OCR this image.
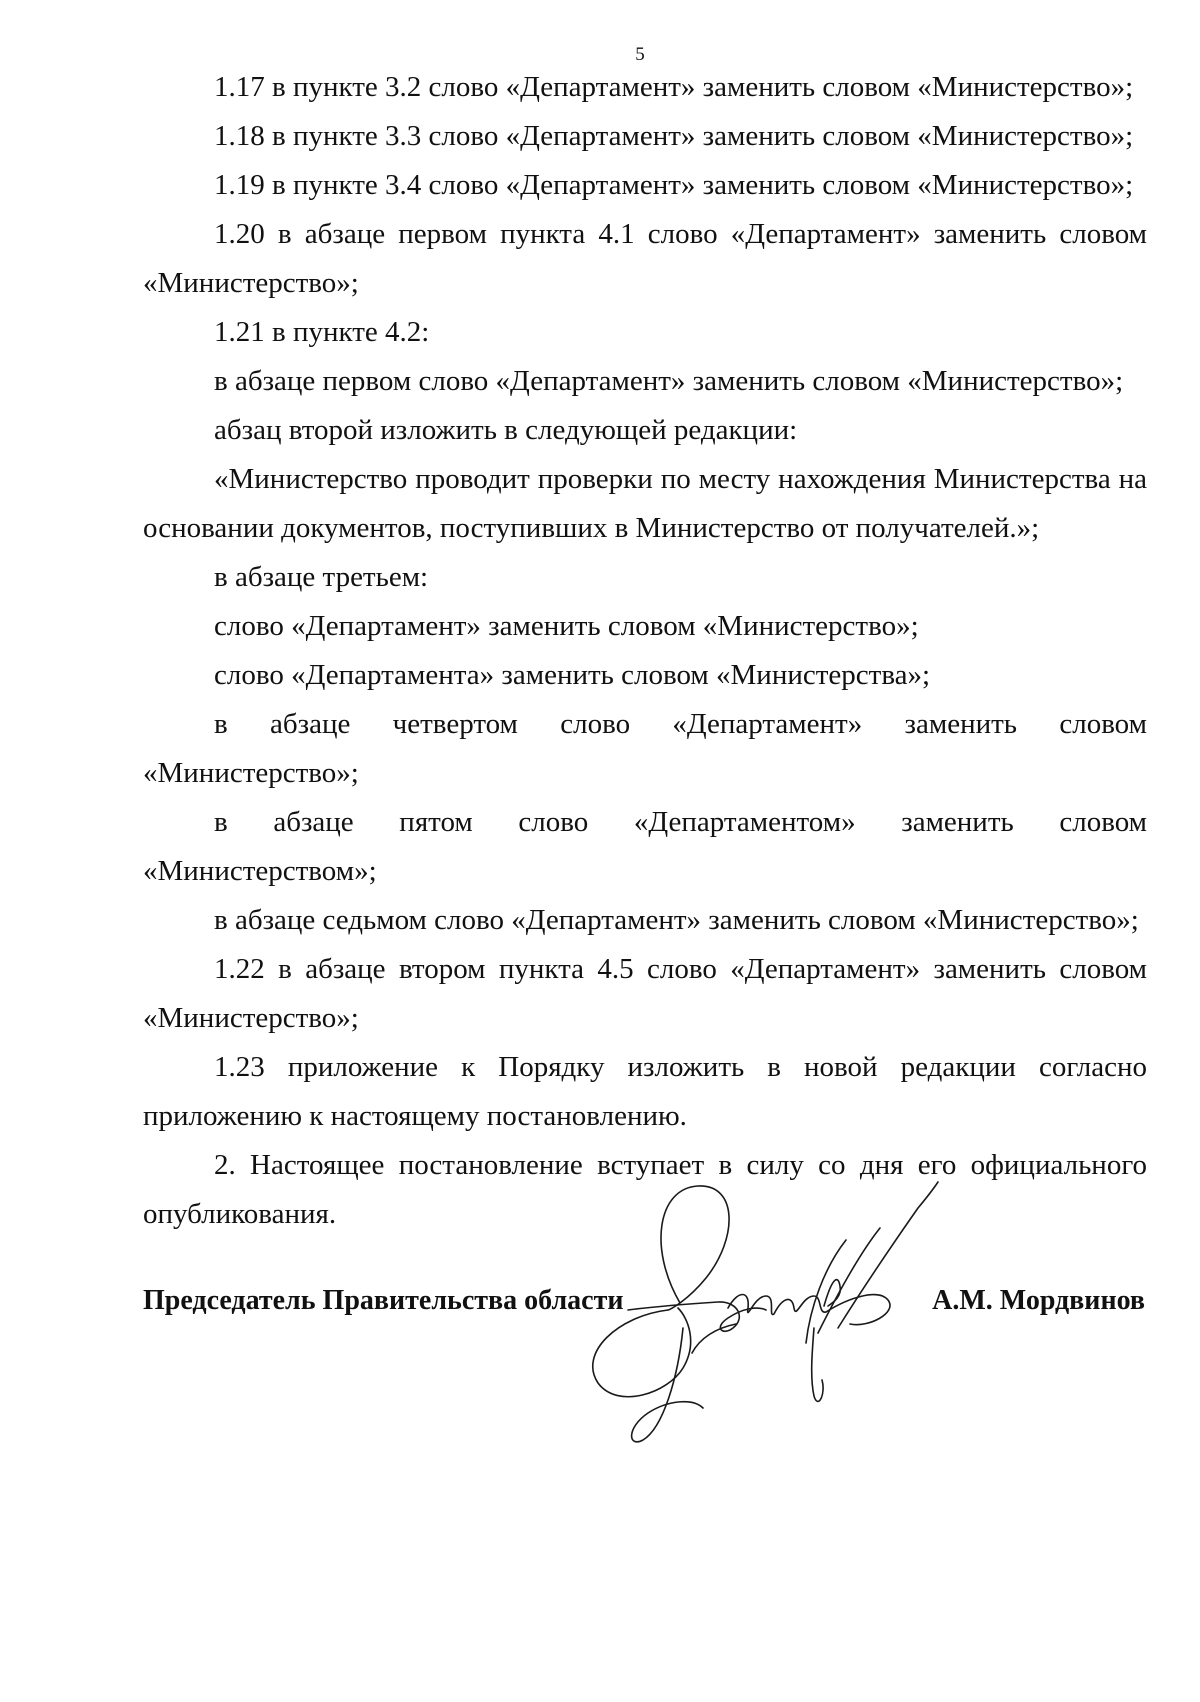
5

1.17 в пункте 3.2 слово «Департамент» заменить словом «Министерство»;

1.18 в пункте 3.3 слово «Департамент» заменить словом «Министерство»;

1.19 в пункте 3.4 слово «Департамент» заменить словом «Министерство»;

1.20 в абзаце первом пункта 4.1 слово «Департамент» заменить словом «Министерство»;

1.21 в пункте 4.2:

в абзаце первом слово «Департамент» заменить словом «Министерство»;

абзац второй изложить в следующей редакции:

«Министерство проводит проверки по месту нахождения Министерства на основании документов, поступивших в Министерство от получателей.»;

в абзаце третьем:

слово «Департамент» заменить словом «Министерство»;

слово «Департамента» заменить словом «Министерства»;

в абзаце четвертом слово «Департамент» заменить словом «Министерство»;

в абзаце пятом слово «Департаментом» заменить словом «Министерством»;

в абзаце седьмом слово «Департамент» заменить словом «Министерство»;

1.22 в абзаце втором пункта 4.5 слово «Департамент» заменить словом «Министерство»;

1.23 приложение к Порядку изложить в новой редакции согласно приложению к настоящему постановлению.

2. Настоящее постановление вступает в силу со дня его официального опубликования.

Председатель Правительства области	А.М. Мордвинов
